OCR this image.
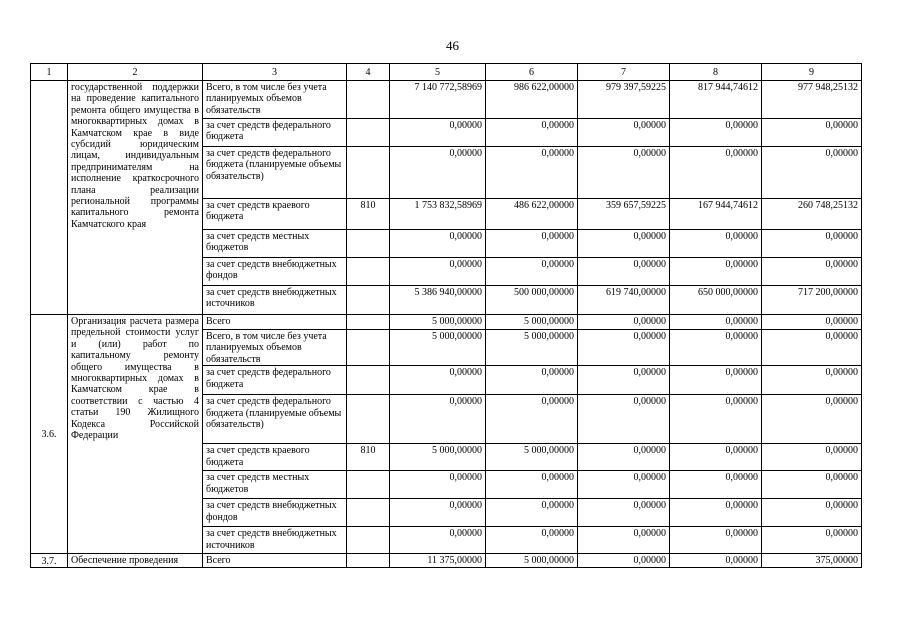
46
1	2	3	4	5	6	7	8	9
	государственной поддержки на проведение капитального ремонта общего имущества в многоквартирных домах в Камчатском крае в виде субсидий юридическим лицам, индивидуальным предпринимателям на исполнение краткосрочного плана реализации региональной программы капитального ремонта Камчатского края	Всего, в том числе без учета планируемых объемов обязательств		7 140 772,58969	986 622,00000	979 397,59225	817 944,74612	977 948,25132
		за счет средств федерального бюджета		0,00000	0,00000	0,00000	0,00000	0,00000
		за счет средств федерального бюджета (планируемые объемы обязательств)		0,00000	0,00000	0,00000	0,00000	0,00000
		за счет средств краевого бюджета	810	1 753 832,58969	486 622,00000	359 657,59225	167 944,74612	260 748,25132
		за счет средств местных бюджетов		0,00000	0,00000	0,00000	0,00000	0,00000
		за счет средств внебюджетных фондов		0,00000	0,00000	0,00000	0,00000	0,00000
		за счет средств внебюджетных источников		5 386 940,00000	500 000,00000	619 740,00000	650 000,00000	717 200,00000
3.6.	Организация расчета размера предельной стоимости услуг и (или) работ по капитальному ремонту общего имущества в многоквартирных домах в Камчатском крае в соответствии с частью 4 статьи 190 Жилищного Кодекса Российской Федерации	Всего		5 000,00000	5 000,00000	0,00000	0,00000	0,00000
		Всего, в том числе без учета планируемых объемов обязательств		5 000,00000	5 000,00000	0,00000	0,00000	0,00000
		за счет средств федерального бюджета		0,00000	0,00000	0,00000	0,00000	0,00000
		за счет средств федерального бюджета (планируемые объемы обязательств)		0,00000	0,00000	0,00000	0,00000	0,00000
		за счет средств краевого бюджета	810	5 000,00000	5 000,00000	0,00000	0,00000	0,00000
		за счет средств местных бюджетов		0,00000	0,00000	0,00000	0,00000	0,00000
		за счет средств внебюджетных фондов		0,00000	0,00000	0,00000	0,00000	0,00000
		за счет средств внебюджетных источников		0,00000	0,00000	0,00000	0,00000	0,00000
3.7.	Обеспечение проведения	Всего		11 375,00000	5 000,00000	0,00000	0,00000	375,00000
